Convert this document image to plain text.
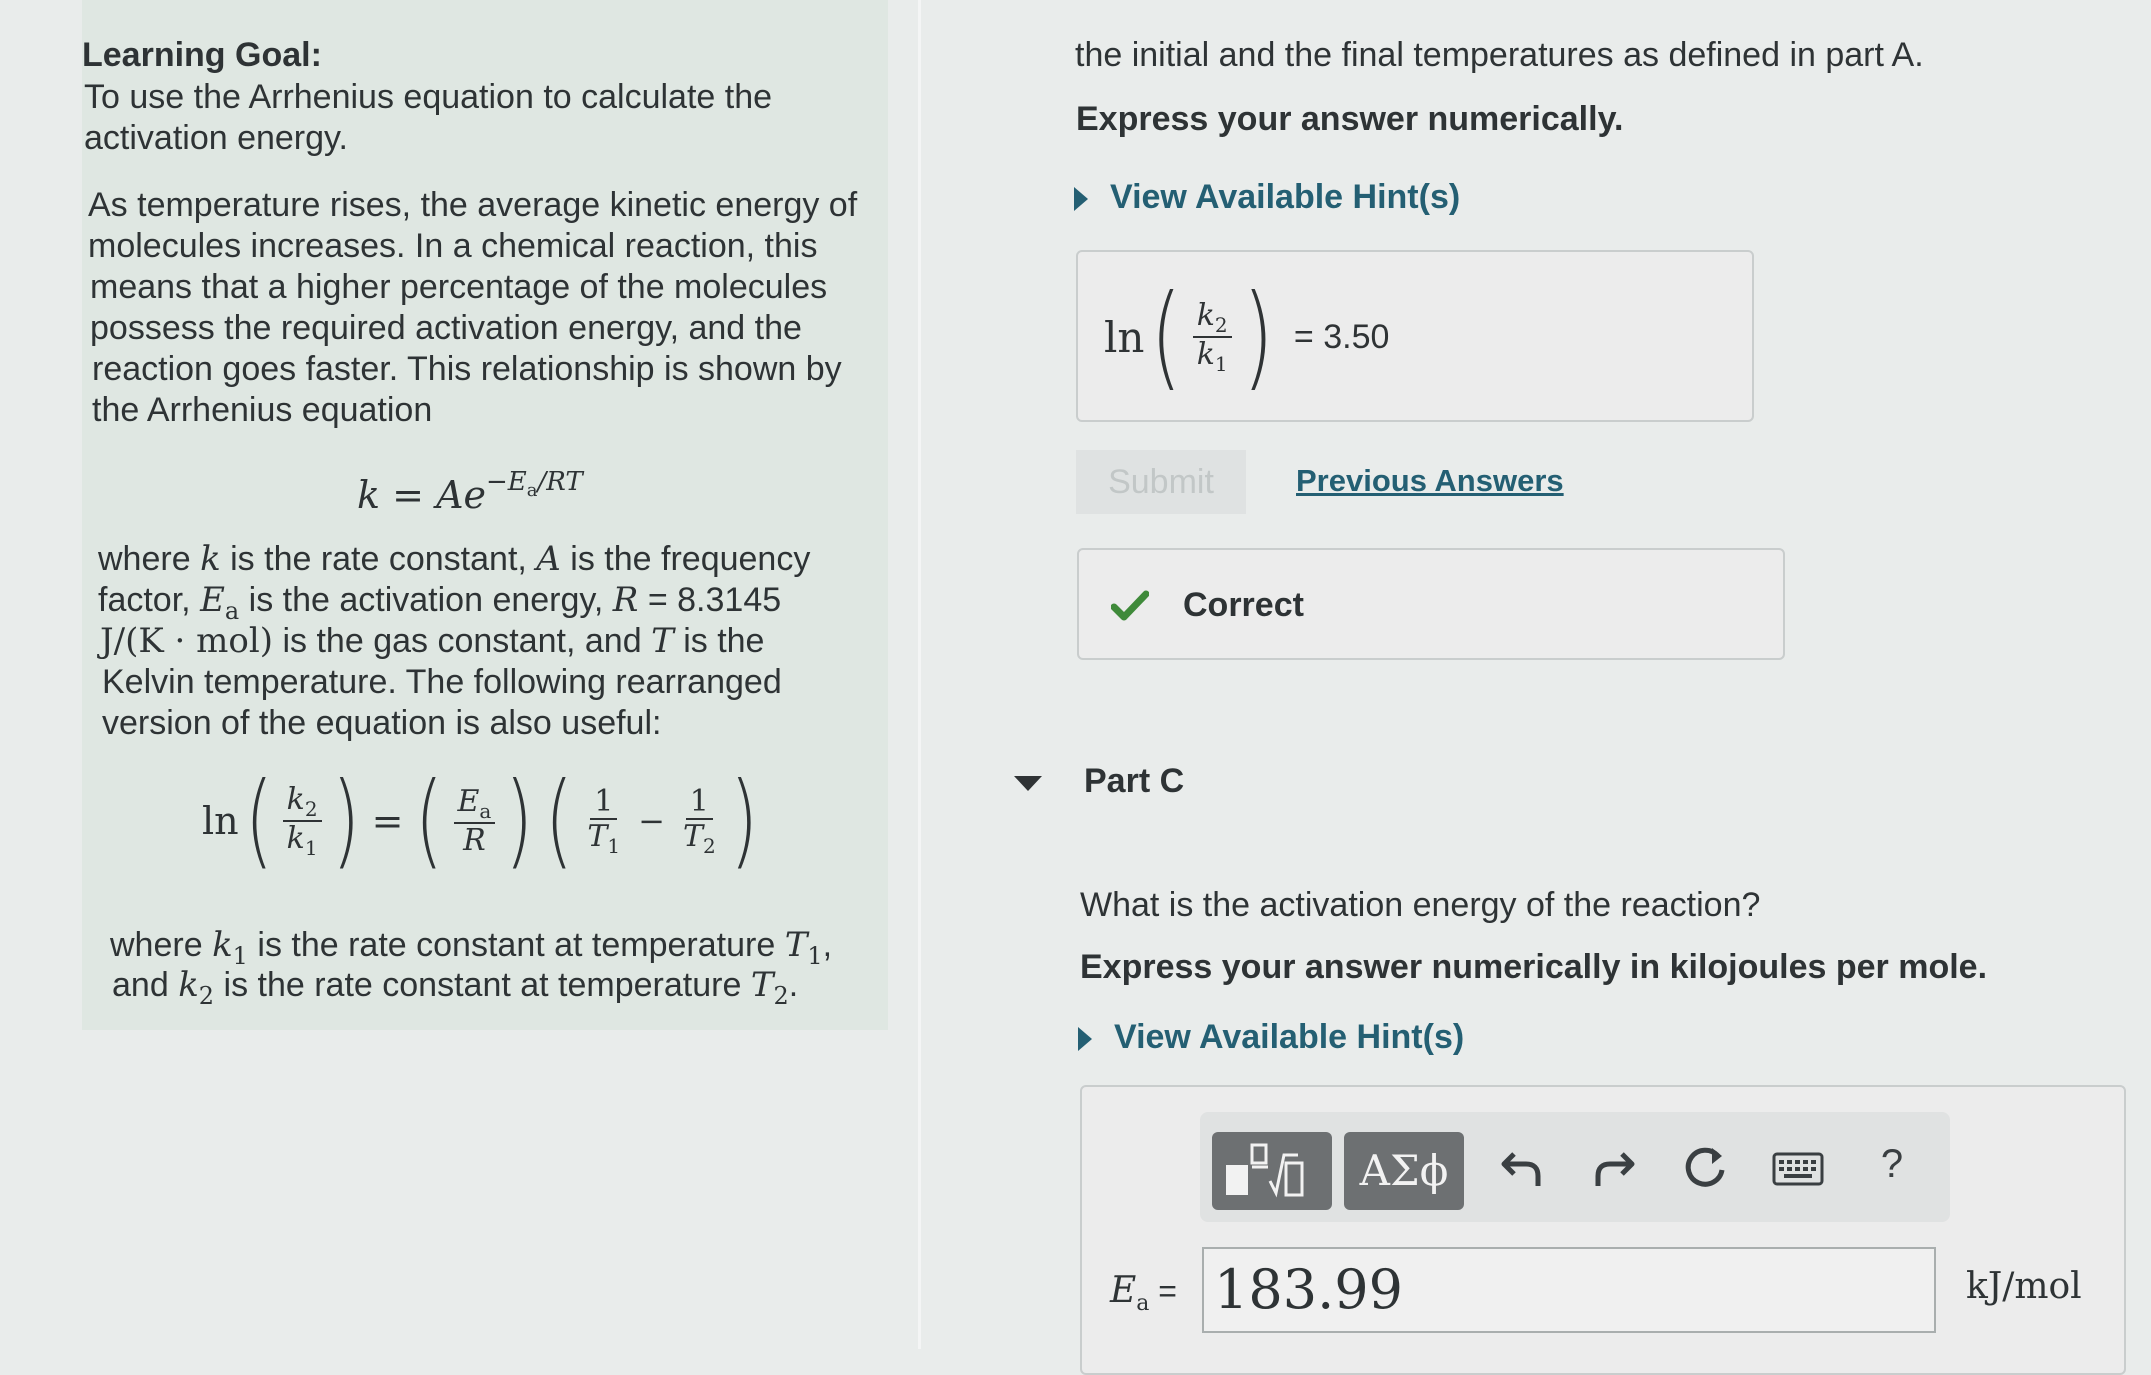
Learning Goal:
To use the Arrhenius equation to calculate the
activation energy.
As temperature rises, the average kinetic energy of
molecules increases. In a chemical reaction, this
means that a higher percentage of the molecules
possess the required activation energy, and the
reaction goes faster. This relationship is shown by
the Arrhenius equation
$k = Ae^{-E_a/RT}$
where k is the rate constant, A is the frequency
factor, $E_a$ is the activation energy, R = 8.3145
J/(K · mol) is the gas constant, and T is the
Kelvin temperature. The following rearranged
version of the equation is also useful:
ln ( $\frac{k_2}{k_1}$ ) = ( $\frac{E_a}{R}$ ) ( $\frac{1}{T_1} - \frac{1}{T_2}$ )
where $k_1$ is the rate constant at temperature $T_1$,
and $k_2$ is the rate constant at temperature $T_2$.
the initial and the final temperatures as defined in part A.
Express your answer numerically.
View Available Hint(s)
ln ( $\frac{k_2}{k_1}$ ) = 3.50
Submit	Previous Answers
Correct
Part C
What is the activation energy of the reaction?
Express your answer numerically in kilojoules per mole.
View Available Hint(s)
ΑΣϕ	?
$E_a = 183.99$	kJ/mol
